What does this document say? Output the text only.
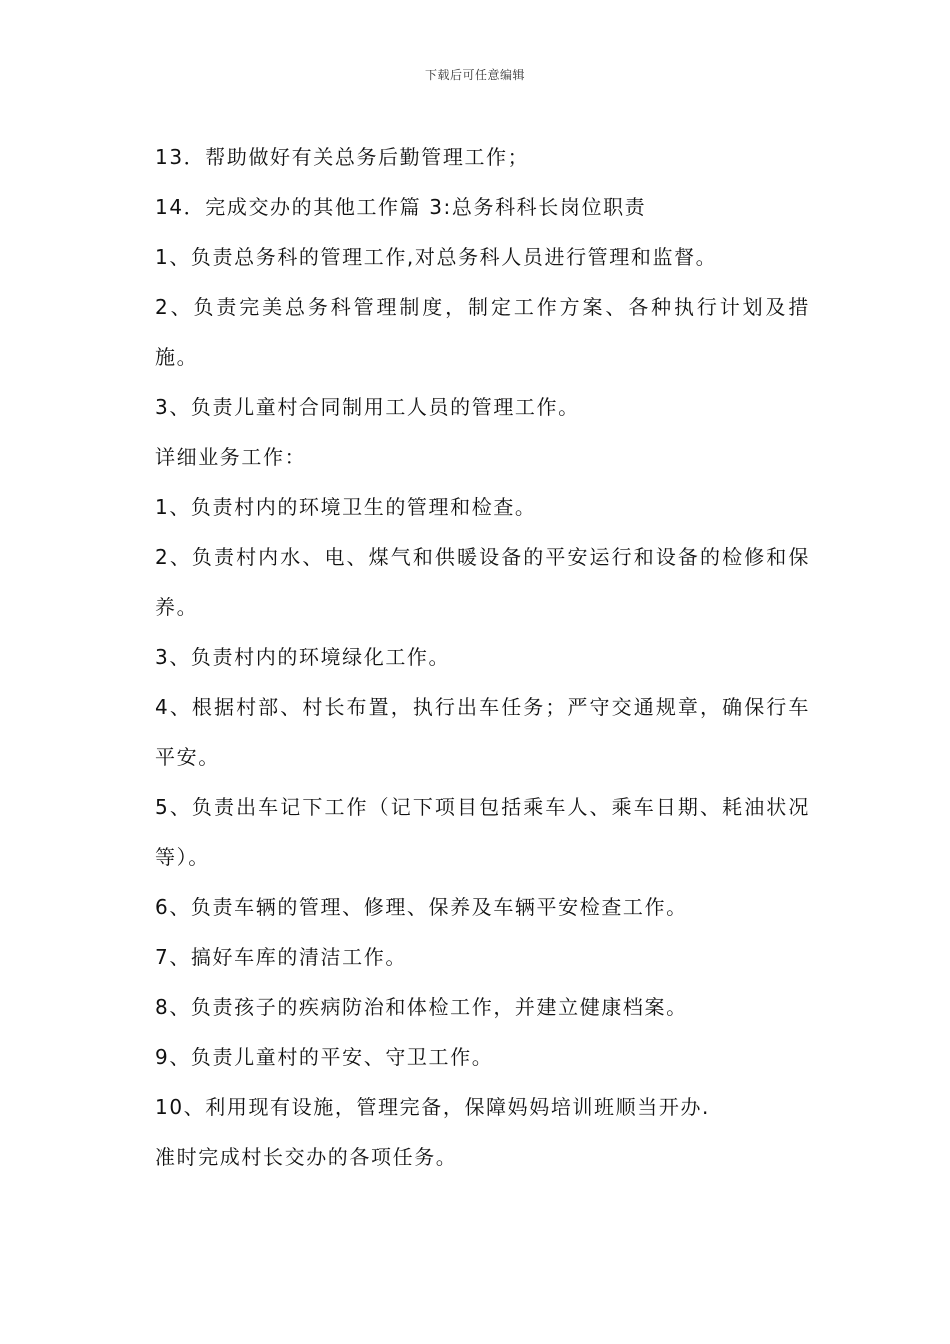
下载后可任意编辑

13．帮助做好有关总务后勤管理工作；

14．完成交办的其他工作篇 3:总务科科长岗位职责

1、负责总务科的管理工作,对总务科人员进行管理和监督。

2、负责完美总务科管理制度，制定工作方案、各种执行计划及措施。

3、负责儿童村合同制用工人员的管理工作。

详细业务工作：

1、负责村内的环境卫生的管理和检查。

2、负责村内水、电、煤气和供暖设备的平安运行和设备的检修和保养。

3、负责村内的环境绿化工作。

4、根据村部、村长布置，执行出车任务；严守交通规章，确保行车平安。

5、负责出车记下工作（记下项目包括乘车人、乘车日期、耗油状况等）。

6、负责车辆的管理、修理、保养及车辆平安检查工作。

7、搞好车库的清洁工作。

8、负责孩子的疾病防治和体检工作，并建立健康档案。

9、负责儿童村的平安、守卫工作。

10、利用现有设施，管理完备，保障妈妈培训班顺当开办.

准时完成村长交办的各项任务。
